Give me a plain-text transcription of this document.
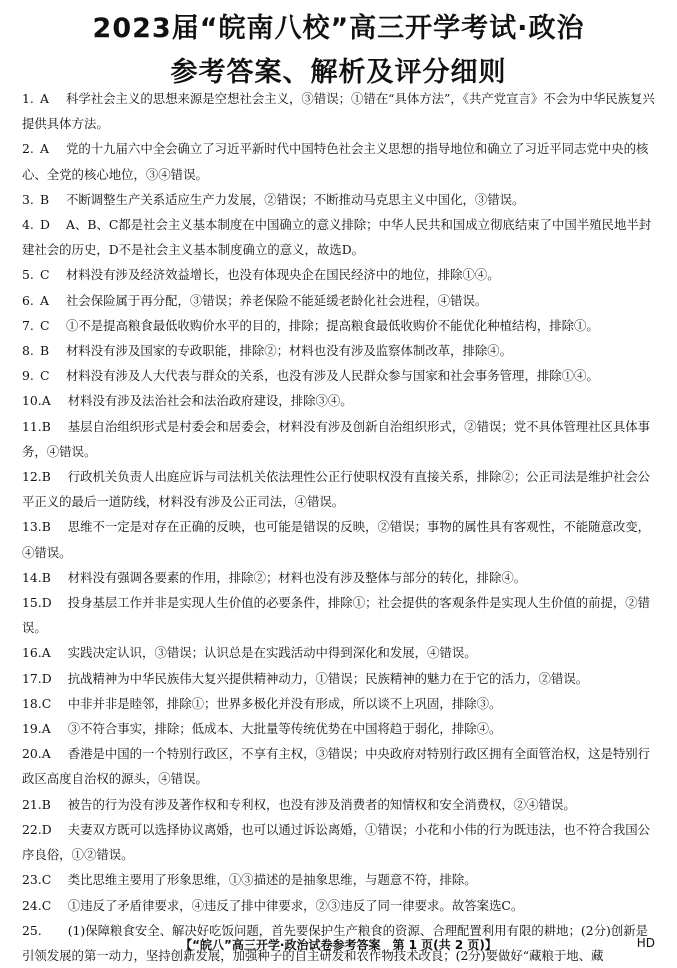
2023届“皖南八校”高三开学考试·政治
参考答案、解析及评分细则

1. A 科学社会主义的思想来源是空想社会主义，③错误；①错在“具体方法”，《共产党宣言》不会为中华民族复兴提供具体方法。

2. A 党的十九届六中全会确立了习近平新时代中国特色社会主义思想的指导地位和确立了习近平同志党中央的核心、全党的核心地位，③④错误。

3. B 不断调整生产关系适应生产力发展，②错误；不断推动马克思主义中国化，③错误。

4. D A、B、C都是社会主义基本制度在中国确立的意义排除；中华人民共和国成立彻底结束了中国半殖民地半封建社会的历史，D不是社会主义基本制度确立的意义，故选D。

5. C 材料没有涉及经济效益增长，也没有体现央企在国民经济中的地位，排除①④。

6. A 社会保险属于再分配，③错误；养老保险不能延缓老龄化社会进程，④错误。

7. C ①不是提高粮食最低收购价水平的目的，排除；提高粮食最低收购价不能优化种植结构，排除①。

8. B 材料没有涉及国家的专政职能，排除②；材料也没有涉及监察体制改革，排除④。

9. C 材料没有涉及人大代表与群众的关系，也没有涉及人民群众参与国家和社会事务管理，排除①④。

10.A 材料没有涉及法治社会和法治政府建设，排除③④。

11.B 基层自治组织形式是村委会和居委会，材料没有涉及创新自治组织形式，②错误；党不具体管理社区具体事务，④错误。

12.B 行政机关负责人出庭应诉与司法机关依法理性公正行使职权没有直接关系，排除②；公正司法是维护社会公平正义的最后一道防线，材料没有涉及公正司法，④错误。

13.B 思维不一定是对存在正确的反映，也可能是错误的反映，②错误；事物的属性具有客观性，不能随意改变，④错误。

14.B 材料没有强调各要素的作用，排除②；材料也没有涉及整体与部分的转化，排除④。

15.D 投身基层工作并非是实现人生价值的必要条件，排除①；社会提供的客观条件是实现人生价值的前提，②错误。

16.A 实践决定认识，③错误；认识总是在实践活动中得到深化和发展，④错误。

17.D 抗战精神为中华民族伟大复兴提供精神动力，①错误；民族精神的魅力在于它的活力，②错误。

18.C 中非并非是睦邻，排除①；世界多极化并没有形成，所以谈不上巩固，排除③。

19.A ③不符合事实，排除；低成本、大批量等传统优势在中国将趋于弱化，排除④。

20.A 香港是中国的一个特别行政区，不享有主权，③错误；中央政府对特别行政区拥有全面管治权，这是特别行政区高度自治权的源头，④错误。

21.B 被告的行为没有涉及著作权和专利权，也没有涉及消费者的知情权和安全消费权，②④错误。

22.D 夫妻双方既可以选择协议离婚，也可以通过诉讼离婚，①错误；小花和小伟的行为既违法，也不符合我国公序良俗，①②错误。

23.C 类比思维主要用了形象思维，①③描述的是抽象思维，与题意不符，排除。

24.C ①违反了矛盾律要求，④违反了排中律要求，②③违反了同一律要求。故答案选C。

25. (1)保障粮食安全、解决好吃饭问题，首先要保护生产粮食的资源、合理配置利用有限的耕地；(2分)创新是引领发展的第一动力，坚持创新发展，加强种子的自主研发和农作物技术改良；(2分)要做好“藏粮于地、藏

【“皖八”高三开学·政治试卷参考答案　第 1 页(共 2 页)】	HD
